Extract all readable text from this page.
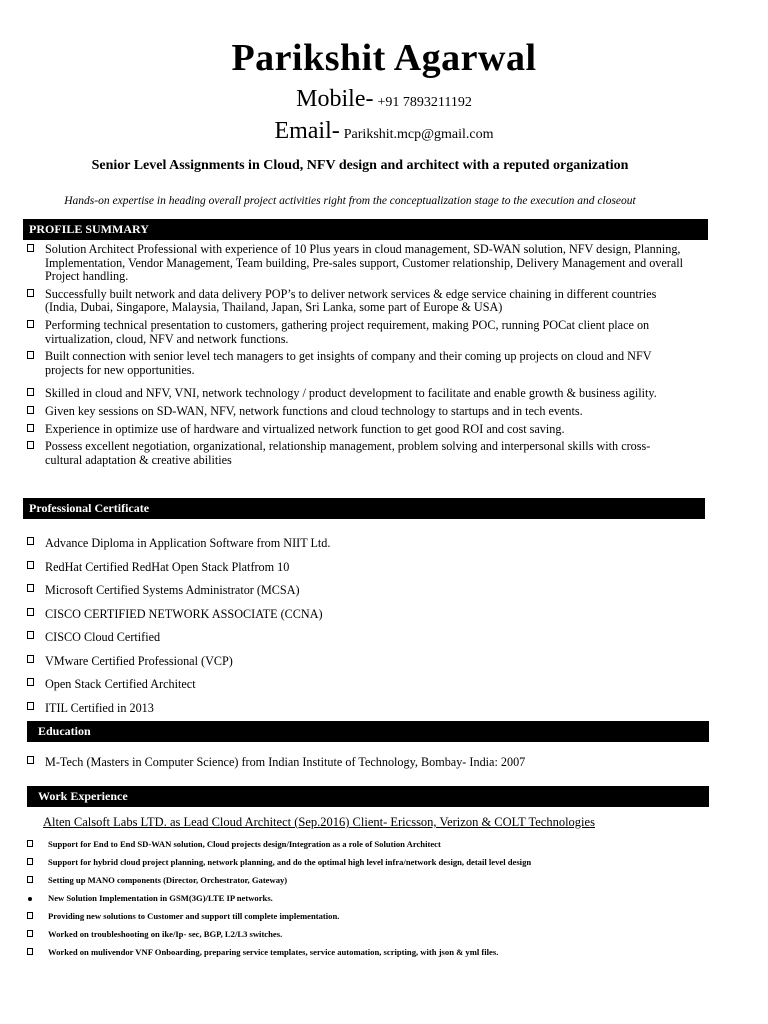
Parikshit Agarwal
Mobile- +91 7893211192
Email- Parikshit.mcp@gmail.com
Senior Level Assignments in Cloud, NFV design and architect with a reputed organization
Hands-on expertise in heading overall project activities right from the conceptualization stage to the execution and closeout
PROFILE SUMMARY
Solution Architect Professional with experience of 10 Plus years in cloud management, SD-WAN solution, NFV design, Planning, Implementation, Vendor Management, Team building, Pre-sales support, Customer relationship, Delivery Management and overall Project handling.
Successfully built network and data delivery POP’s to deliver network services & edge service chaining in different countries (India, Dubai, Singapore, Malaysia, Thailand, Japan, Sri Lanka, some part of Europe & USA)
Performing technical presentation to customers, gathering project requirement, making POC, running POCat client place on virtualization, cloud, NFV and network functions.
Built connection with senior level tech managers to get insights of company and their coming up projects on cloud and NFV projects for new opportunities.
Skilled in cloud and NFV, VNI, network technology / product development to facilitate and enable growth & business agility.
Given key sessions on SD-WAN, NFV, network functions and cloud technology to startups and in tech events.
Experience in optimize use of hardware and virtualized network function to get good ROI and cost saving.
Possess excellent negotiation, organizational, relationship management, problem solving and interpersonal skills with cross-cultural adaptation & creative abilities
Professional Certificate
Advance Diploma in Application Software from NIIT Ltd.
RedHat Certified RedHat Open Stack Platfrom 10
Microsoft Certified Systems Administrator (MCSA)
CISCO CERTIFIED NETWORK ASSOCIATE (CCNA)
CISCO Cloud Certified
VMware Certified Professional (VCP)
Open Stack Certified Architect
ITIL Certified in 2013
Education
M-Tech (Masters in Computer Science) from Indian Institute of Technology, Bombay- India: 2007
Work Experience
Alten Calsoft Labs LTD. as Lead Cloud Architect (Sep.2016) Client- Ericsson, Verizon & COLT Technologies
Support for End to End SD-WAN solution, Cloud projects design/Integration as a role of Solution Architect
Support for hybrid cloud project planning, network planning, and do the optimal high level infra/network design, detail level design
Setting up MANO components (Director, Orchestrator, Gateway)
New Solution Implementation in GSM(3G)/LTE IP networks.
Providing new solutions to Customer and support till complete implementation.
Worked on troubleshooting on ike/Ip- sec, BGP, L2/L3 switches.
Worked on mulivendor VNF Onboarding, preparing service templates, service automation, scripting, with json & yml files.
